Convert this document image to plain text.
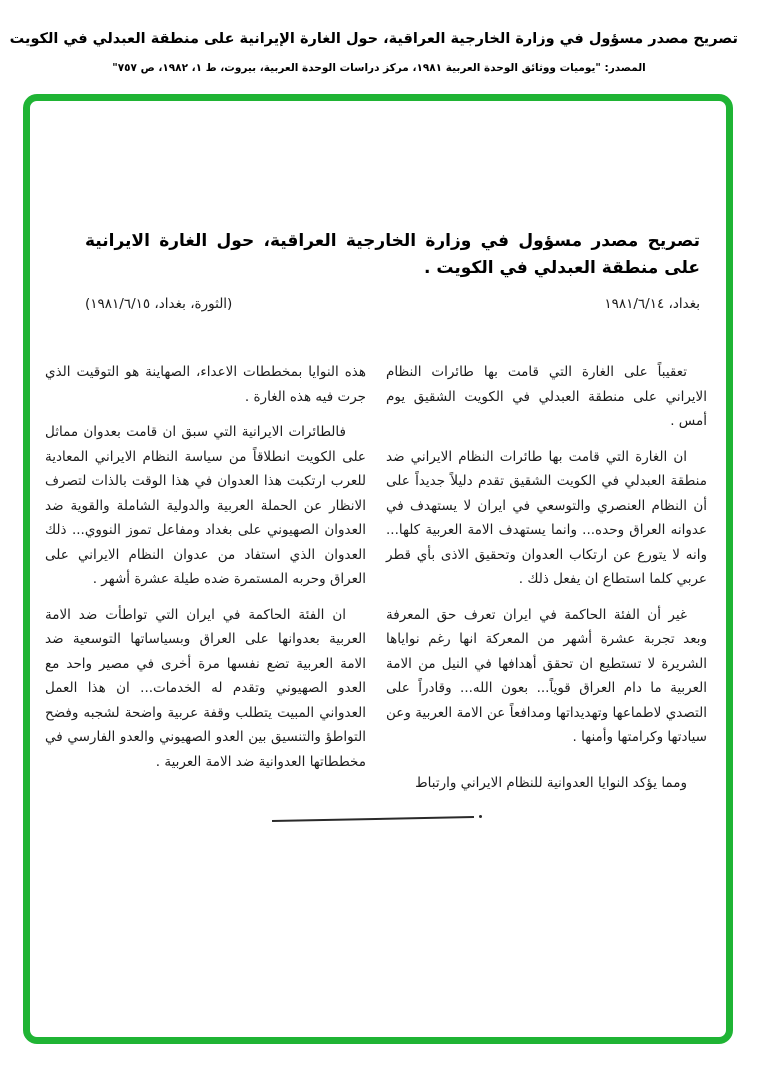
تصريح مصدر مسؤول في وزارة الخارجية العراقية، حول الغارة الإيرانية على منطقة العبدلي في الكويت
المصدر: "يوميات ووثائق الوحدة العربية ١٩٨١، مركز دراسات الوحدة العربية، بيروت، ط ١، ١٩٨٢، ص ٧٥٧"
تصريح مصدر مسؤول في وزارة الخارجية العراقية، حول الغارة الايرانية على منطقة العبدلي في الكويت .
بغداد، ١٩٨١/٦/١٤
(الثورة، بغداد، ١٩٨١/٦/١٥)

تعقيباً على الغارة التي قامت بها طائرات النظام الايراني على منطقة العبدلي في الكويت الشقيق يوم أمس .

ان الغارة التي قامت بها طائرات النظام الايراني ضد منطقة العبدلي في الكويت الشقيق تقدم دليلاً جديداً على أن النظام العنصري والتوسعي في ايران لا يستهدف في عدوانه العراق وحده... وانما يستهدف الامة العربية كلها... وانه لا يتورع عن ارتكاب العدوان وتحقيق الاذى بأي قطر عربي كلما استطاع ان يفعل ذلك .

غير أن الفئة الحاكمة في ايران تعرف حق المعرفة وبعد تجربة عشرة أشهر من المعركة انها رغم نواياها الشريرة لا تستطيع ان تحقق أهدافها في النيل من الامة العربية ما دام العراق قوياً... بعون الله... وقادراً على التصدي لاطماعها وتهديداتها ومدافعاً عن الامة العربية وعن سيادتها وكرامتها وأمنها .

ومما يؤكد النوايا العدوانية للنظام الايراني وارتباط

هذه النوايا بمخططات الاعداء، الصهاينة هو التوقيت الذي جرت فيه هذه الغارة .

فالطائرات الايرانية التي سبق ان قامت بعدوان مماثل على الكويت انطلاقاً من سياسة النظام الايراني المعادية للعرب ارتكبت هذا العدوان في هذا الوقت بالذات لتصرف الانظار عن الحملة العربية والدولية الشاملة والقوية ضد العدوان الصهيوني على بغداد ومفاعل تموز النووي... ذلك العدوان الذي استفاد من عدوان النظام الايراني على العراق وحربه المستمرة ضده طيلة عشرة أشهر .

ان الفئة الحاكمة في ايران التي تواطأت ضد الامة العربية بعدوانها على العراق وبسياساتها التوسعية ضد الامة العربية تضع نفسها مرة أخرى في مصير واحد مع العدو الصهيوني وتقدم له الخدمات... ان هذا العمل العدواني المبيت يتطلب وقفة عربية واضحة لشجبه وفضح التواطؤ والتنسيق بين العدو الصهيوني والعدو الفارسي في مخططاتها العدوانية ضد الامة العربية .
